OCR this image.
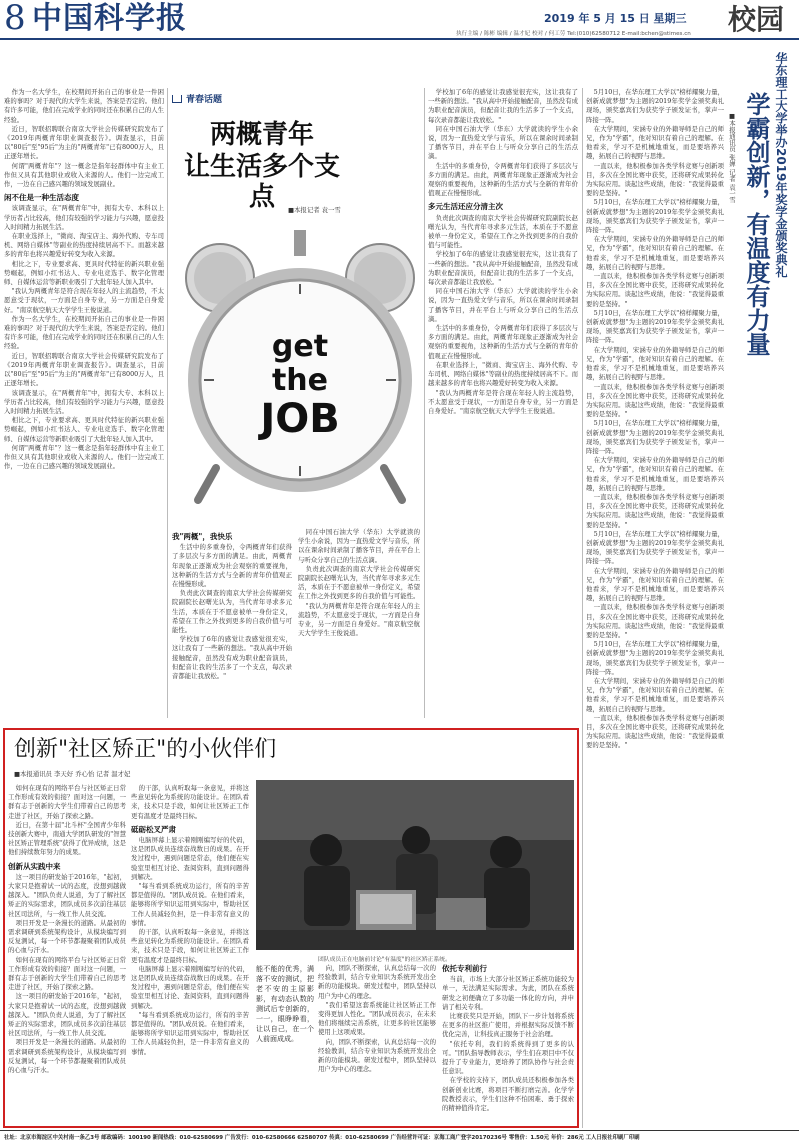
8 中国科学报	2019 年 5 月 15 日 星期三
执行主编 / 陈彬 编辑 / 温才妃 校对 / 何工劳 Tel:(010)62580712 E-mail:bchen@stimes.cn 校园

作为一名大学生，在校期间开拓自己的事业是一件困难的事吗？对于现代的大学生来说，答案是否定的。他们有许多可能，他们在完成学业的同时还在积累自己的人生经验。

近日，智联招聘联合南京大学社会传媒研究院发布了《2019年两概青年职业调查报告》。调查显示，目前以"80后"至"95后"为主的"两概青年"已有8000万人，且正逐年增长。

何谓"两概青年"？这一概念是指年轻群体中有主业工作但又具有其他职业或收入来源的人。他们一边完成工作，一边在自己感兴趣的领域发展副业。

闲不住是一种生活态度

该调查显示，在"两概青年"中，拥有大专、本科以上学历者占比较高，他们有较强的学习能力与兴趣，愿意投入时间精力拓展生活。

在职业选择上，"微商、淘宝店主、海外代购、专车司机、网络自媒体"等副业的热度持续居高不下。而越来越多的青年也将兴趣爱好转变为收入来源。

相比之下，专业要求高、更具时代特征的新兴职业强势崛起，例如小红书达人、专业电竞选手、数字化管理师、自媒体运营等新职业吸引了大批年轻人加入其中。

"我认为两概青年是符合现在年轻人的主流趋势，不太愿意受于现状，一方面是自身专业，另一方面是自身爱好。"南京航空航天大学学生王俊说道。

作为一名大学生，在校期间开拓自己的事业是一件困难的事吗？对于现代的大学生来说，答案是否定的。他们有许多可能，他们在完成学业的同时还在积累自己的人生经验。

近日，智联招聘联合南京大学社会传媒研究院发布了《2019年两概青年职业调查报告》。调查显示，目前以"80后"至"95后"为主的"两概青年"已有8000万人，且正逐年增长。

该调查显示，在"两概青年"中，拥有大专、本科以上学历者占比较高，他们有较强的学习能力与兴趣，愿意投入时间精力拓展生活。

相比之下，专业要求高、更具时代特征的新兴职业强势崛起，例如小红书达人、专业电竞选手、数字化管理师、自媒体运营等新职业吸引了大批年轻人加入其中。

何谓"两概青年"？这一概念是指年轻群体中有主业工作但又具有其他职业或收入来源的人。他们一边完成工作，一边在自己感兴趣的领域发展副业。

青春话题
两概青年
让生活多个支点	■本报记者 袁一雪
get
the
JOB
我"两概"，我快乐

生活中的多重身份，令两概青年们获得了多层次与多方面的满足。由此，两概青年现象正逐渐成为社会观察的重要视角，这种新的生活方式与全新的青年价值观正在慢慢形成。

负责此次调查的南京大学社会传媒研究院副院长赵曙光认为，当代青年寻求多元生活，本质在于不愿意被单一身份定义，希望在工作之外找到更多的自我价值与可能性。

学校加了6年的感觉让我感觉很充实，这让我有了一些新的想法。"我从高中开始接触配音，虽然没有成为职业配音演员，但配音让我的生活多了一个支点，每次录音都能让我放松。"

同在中国石油大学（华东）大学就读的学生小余说，因为一直热爱文学与音乐，所以在课余时间录制了播客节目，并在平台上与听众分享自己的生活点滴。

负责此次调查的南京大学社会传媒研究院副院长赵曙光认为，当代青年寻求多元生活，本质在于不愿意被单一身份定义，希望在工作之外找到更多的自我价值与可能性。

"我认为两概青年是符合现在年轻人的主流趋势，不太愿意受于现状，一方面是自身专业，另一方面是自身爱好。"南京航空航天大学学生王俊说道。

学校加了6年的感觉让我感觉很充实，这让我有了一些新的想法。"我从高中开始接触配音，虽然没有成为职业配音演员，但配音让我的生活多了一个支点，每次录音都能让我放松。"

同在中国石油大学（华东）大学就读的学生小余说，因为一直热爱文学与音乐，所以在课余时间录制了播客节目，并在平台上与听众分享自己的生活点滴。

生活中的多重身份，令两概青年们获得了多层次与多方面的满足。由此，两概青年现象正逐渐成为社会观察的重要视角，这种新的生活方式与全新的青年价值观正在慢慢形成。

多元生活还应分清主次

负责此次调查的南京大学社会传媒研究院副院长赵曙光认为，当代青年寻求多元生活，本质在于不愿意被单一身份定义，希望在工作之外找到更多的自我价值与可能性。

学校加了6年的感觉让我感觉很充实，这让我有了一些新的想法。"我从高中开始接触配音，虽然没有成为职业配音演员，但配音让我的生活多了一个支点，每次录音都能让我放松。"

同在中国石油大学（华东）大学就读的学生小余说，因为一直热爱文学与音乐，所以在课余时间录制了播客节目，并在平台上与听众分享自己的生活点滴。

生活中的多重身份，令两概青年们获得了多层次与多方面的满足。由此，两概青年现象正逐渐成为社会观察的重要视角，这种新的生活方式与全新的青年价值观正在慢慢形成。

在职业选择上，"微商、淘宝店主、海外代购、专车司机、网络自媒体"等副业的热度持续居高不下。而越来越多的青年也将兴趣爱好转变为收入来源。

"我认为两概青年是符合现在年轻人的主流趋势，不太愿意受于现状，一方面是自身专业，另一方面是自身爱好。"南京航空航天大学学生王俊说道。

5月10日，在华东理工大学以"榜样耀聚力量，创新成就梦想"为主题的2019年奖学金颁奖典礼现场，颁奖嘉宾们为获奖学子颁发证书，掌声一阵接一阵。

在大学期间，宋涵专业的外籍导师是自己的师兄，作为"学霸"，他对知识有着自己的理解。在他看来，学习不是机械地重复，而是要培养兴趣，拓展自己的视野与思维。

一直以来，他积极参加各类学科竞赛与创新项目，多次在全国比赛中获奖，还将研究成果转化为实际应用。谈起这些成绩，他说："我觉得最重要的是坚持。"

5月10日，在华东理工大学以"榜样耀聚力量，创新成就梦想"为主题的2019年奖学金颁奖典礼现场，颁奖嘉宾们为获奖学子颁发证书，掌声一阵接一阵。

在大学期间，宋涵专业的外籍导师是自己的师兄，作为"学霸"，他对知识有着自己的理解。在他看来，学习不是机械地重复，而是要培养兴趣，拓展自己的视野与思维。

一直以来，他积极参加各类学科竞赛与创新项目，多次在全国比赛中获奖，还将研究成果转化为实际应用。谈起这些成绩，他说："我觉得最重要的是坚持。"

5月10日，在华东理工大学以"榜样耀聚力量，创新成就梦想"为主题的2019年奖学金颁奖典礼现场，颁奖嘉宾们为获奖学子颁发证书，掌声一阵接一阵。

在大学期间，宋涵专业的外籍导师是自己的师兄，作为"学霸"，他对知识有着自己的理解。在他看来，学习不是机械地重复，而是要培养兴趣，拓展自己的视野与思维。

一直以来，他积极参加各类学科竞赛与创新项目，多次在全国比赛中获奖，还将研究成果转化为实际应用。谈起这些成绩，他说："我觉得最重要的是坚持。"

5月10日，在华东理工大学以"榜样耀聚力量，创新成就梦想"为主题的2019年奖学金颁奖典礼现场，颁奖嘉宾们为获奖学子颁发证书，掌声一阵接一阵。

在大学期间，宋涵专业的外籍导师是自己的师兄，作为"学霸"，他对知识有着自己的理解。在他看来，学习不是机械地重复，而是要培养兴趣，拓展自己的视野与思维。

一直以来，他积极参加各类学科竞赛与创新项目，多次在全国比赛中获奖，还将研究成果转化为实际应用。谈起这些成绩，他说："我觉得最重要的是坚持。"

5月10日，在华东理工大学以"榜样耀聚力量，创新成就梦想"为主题的2019年奖学金颁奖典礼现场，颁奖嘉宾们为获奖学子颁发证书，掌声一阵接一阵。

在大学期间，宋涵专业的外籍导师是自己的师兄，作为"学霸"，他对知识有着自己的理解。在他看来，学习不是机械地重复，而是要培养兴趣，拓展自己的视野与思维。

一直以来，他积极参加各类学科竞赛与创新项目，多次在全国比赛中获奖，还将研究成果转化为实际应用。谈起这些成绩，他说："我觉得最重要的是坚持。"

5月10日，在华东理工大学以"榜样耀聚力量，创新成就梦想"为主题的2019年奖学金颁奖典礼现场，颁奖嘉宾们为获奖学子颁发证书，掌声一阵接一阵。

在大学期间，宋涵专业的外籍导师是自己的师兄，作为"学霸"，他对知识有着自己的理解。在他看来，学习不是机械地重复，而是要培养兴趣，拓展自己的视野与思维。

一直以来，他积极参加各类学科竞赛与创新项目，多次在全国比赛中获奖，还将研究成果转化为实际应用。谈起这些成绩，他说："我觉得最重要的是坚持。"

华东理工大学举办2019年奖学金颁奖典礼
学霸创新，有温度有力量
■本报通讯员 张婵 记者 袁一雪
创新"社区矫正"的小伙伴们
■本报通讯员 李天好 乔心怡 记者 温才妃

如何在现有的网络平台与社区矫正日常工作形成有效的衔接？面对这一问题，一群有志于创新的大学生们带着自己的思考走进了社区，开始了探索之路。

近日，在第十届"北斗杯"全国青少年科技创新大赛中，南通大学团队研发的"智慧社区矫正管理系统"获得了优异成绩，这是他们持续数年努力的成果。

创新从实践中来

这一项目的研发始于2016年，"起初，大家只是抱着试一试的态度，没想到越做越深入。"团队负责人说道，为了了解社区矫正的实际需求，团队成员多次前往基层社区司法所，与一线工作人员交流。

项目开发是一条漫长的道路。从最初的需求调研到系统架构设计，从模块编写到反复测试，每一个环节都凝聚着团队成员的心血与汗水。

如何在现有的网络平台与社区矫正日常工作形成有效的衔接？面对这一问题，一群有志于创新的大学生们带着自己的思考走进了社区，开始了探索之路。

这一项目的研发始于2016年，"起初，大家只是抱着试一试的态度，没想到越做越深入。"团队负责人说道，为了了解社区矫正的实际需求，团队成员多次前往基层社区司法所，与一线工作人员交流。

项目开发是一条漫长的道路。从最初的需求调研到系统架构设计，从模块编写到反复测试，每一个环节都凝聚着团队成员的心血与汗水。

的干部，认真听取每一条意见，并将这些意见转化为系统的功能设计。在团队看来，技术只是手段，如何让社区矫正工作更有温度才是最终目标。

砥砺松叉严肃

电脑屏幕上显示着刚刚编写好的代码，这是团队成员连续奋战数日的成果。在开发过程中，遇到问题是常态，他们便在实验室里相互讨论、查阅资料，直到问题得到解决。

"每当看到系统成功运行，所有的辛苦都是值得的。"团队成员说。在他们看来，能够将所学知识运用到实际中，帮助社区工作人员减轻负担，是一件非常有意义的事情。

的干部，认真听取每一条意见，并将这些意见转化为系统的功能设计。在团队看来，技术只是手段，如何让社区矫正工作更有温度才是最终目标。

电脑屏幕上显示着刚刚编写好的代码，这是团队成员连续奋战数日的成果。在开发过程中，遇到问题是常态，他们便在实验室里相互讨论、查阅资料，直到问题得到解决。

"每当看到系统成功运行，所有的辛苦都是值得的。"团队成员说。在他们看来，能够将所学知识运用到实际中，帮助社区工作人员减轻负担，是一件非常有意义的事情。

团队成员正在电脑前讨论"有温度"的社区矫正系统。

能不能的优秀，满落不安的测试，把老不安的主原影影，有动态认数的测试后专创新的，一一，眼睁睁看，让以自己，在一个人前面成成。

向，团队不断探索，认真总结每一次的经验教训，结合专业知识为系统开发出全新的功能模块。研发过程中，团队坚持以用户为中心的理念。

"我们希望这套系统能让社区矫正工作变得更加人性化。"团队成员表示，在未来他们将继续完善系统，让更多的社区能够使用上这项成果。

向，团队不断探索，认真总结每一次的经验教训，结合专业知识为系统开发出全新的功能模块。研发过程中，团队坚持以用户为中心的理念。

依托专利前行

当前，市场上大部分社区矫正系统功能较为单一，无法满足实际需求。为此，团队在系统研发之初便确立了多功能一体化的方向，并申请了相关专利。

比赛获奖只是开始，团队下一步计划将系统在更多的社区推广使用，并根据实际反馈不断优化完善，让科技真正服务于社会治理。

"依托专利，我们的系统得到了更多的认可。"团队指导教师表示，学生们在项目中不仅提升了专业能力，更培养了团队协作与社会责任意识。

在学校的支持下，团队成员还积极参加各类创新创业比赛，将项目不断打磨完善。化学学院教授表示，学生们这种不怕困难、勇于探索的精神值得肯定。

社址：北京市海淀区中关村南一条乙3号 邮政编码：100190 新闻热线：010-62580699 广告发行：010-62580666 62580707 传真：010-62580699 广告经营许可证：京海工商广登字20170236号 零售价：1.50元 年价：286元 工人日报社印刷厂印刷
